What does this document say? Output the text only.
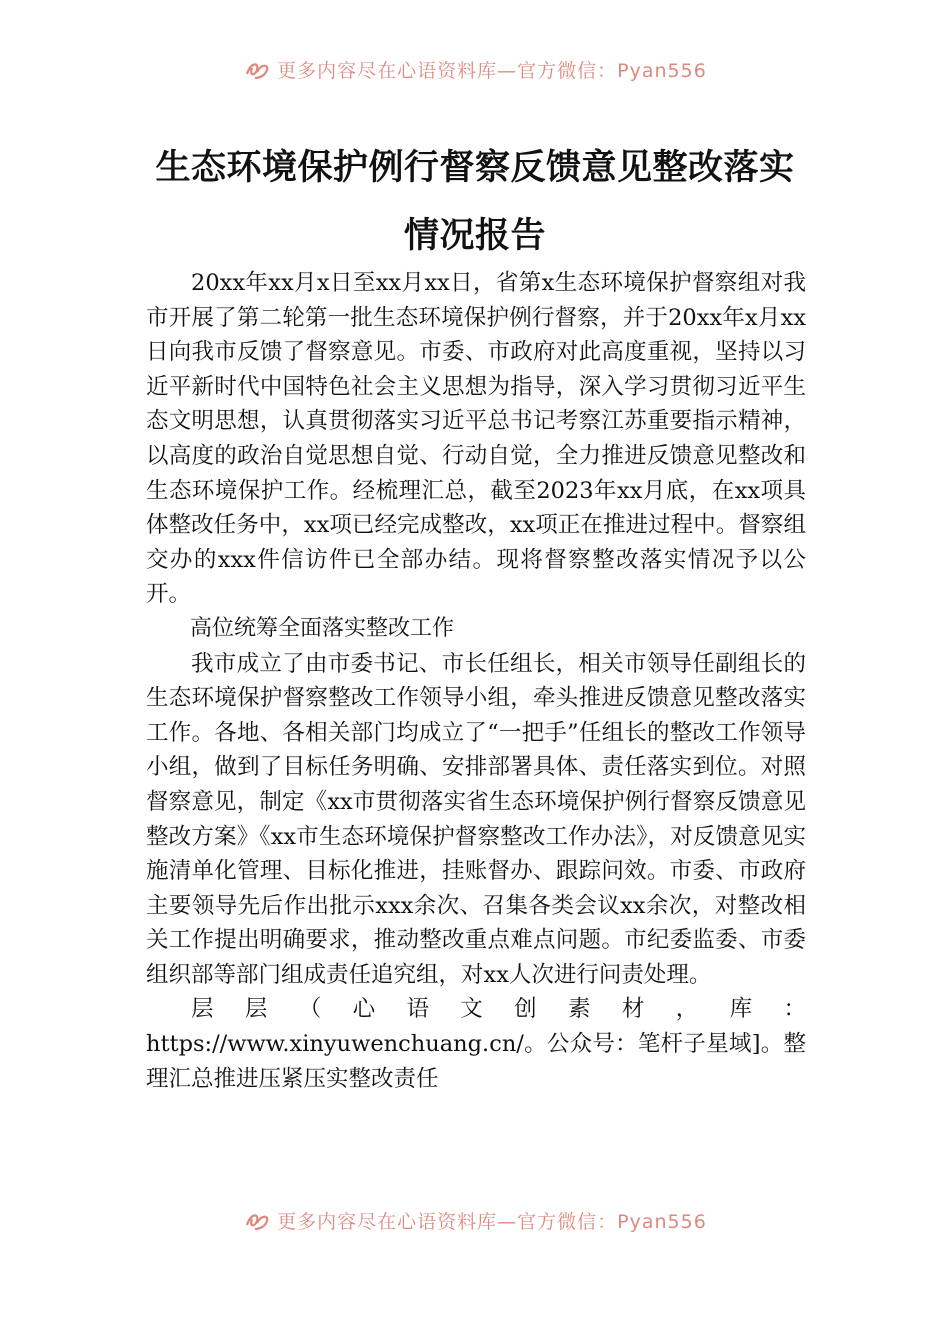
更多内容尽在心语资料库—官方微信：Pyan556
生态环境保护例行督察反馈意见整改落实
情况报告

20xx年xx月x日至xx月xx日，省第x生态环境保护督察组对我市开展了第二轮第一批生态环境保护例行督察，并于20xx年x月xx日向我市反馈了督察意见。市委、市政府对此高度重视，坚持以习近平新时代中国特色社会主义思想为指导，深入学习贯彻习近平生态文明思想，认真贯彻落实习近平总书记考察江苏重要指示精神，以高度的政治自觉思想自觉、行动自觉，全力推进反馈意见整改和生态环境保护工作。经梳理汇总，截至2023年xx月底，在xx项具体整改任务中，xx项已经完成整改，xx项正在推进过程中。督察组交办的xxx件信访件已全部办结。现将督察整改落实情况予以公开。

高位统筹全面落实整改工作

我市成立了由市委书记、市长任组长，相关市领导任副组长的生态环境保护督察整改工作领导小组，牵头推进反馈意见整改落实工作。各地、各相关部门均成立了“一把手”任组长的整改工作领导小组，做到了目标任务明确、安排部署具体、责任落实到位。对照督察意见，制定《xx市贯彻落实省生态环境保护例行督察反馈意见整改方案》《xx市生态环境保护督察整改工作办法》，对反馈意见实施清单化管理、目标化推进，挂账督办、跟踪问效。市委、市政府主要领导先后作出批示xxx余次、召集各类会议xx余次，对整改相关工作提出明确要求，推动整改重点难点问题。市纪委监委、市委组织部等部门组成责任追究组，对xx人次进行问责处理。

层层（心语文创素材，库：https://www.xinyuwenchuang.cn/。公众号：笔杆子星域]。整理汇总推进压紧压实整改责任

更多内容尽在心语资料库—官方微信：Pyan556
